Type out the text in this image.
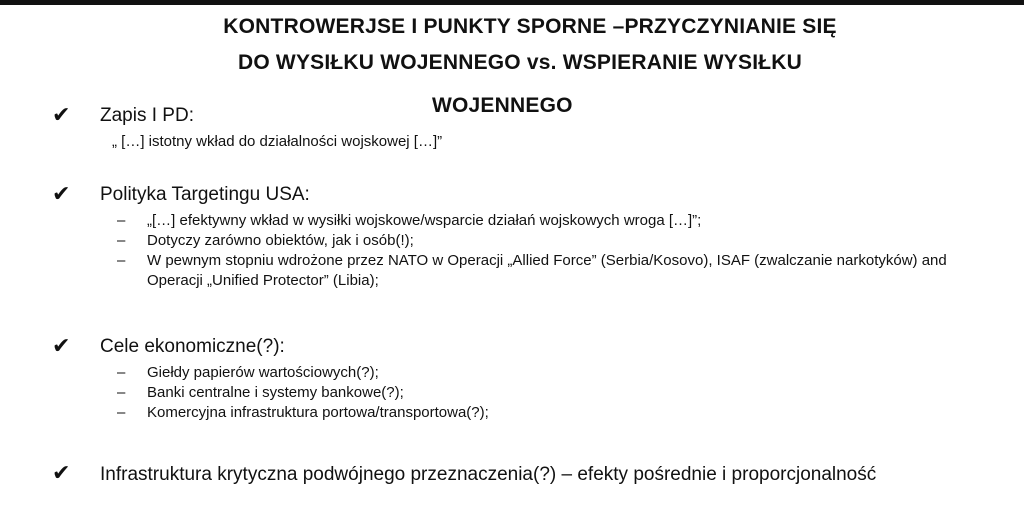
KONTROWERJSE I PUNKTY SPORNE –PRZYCZYNIANIE SIĘ
DO WYSIŁKU WOJENNEGO vs. WSPIERANIE WYSIŁKU
WOJENNEGO
✔ Zapis I PD:
„ […] istotny wkład do działalności wojskowej […]”
✔ Polityka Targetingu USA:
– „[…] efektywny wkład w wysiłki wojskowe/wsparcie działań wojskowych wroga […]”;
– Dotyczy zarówno obiektów, jak i osób(!);
– W pewnym stopniu wdrożone przez NATO w Operacji „Allied Force” (Serbia/Kosovo), ISAF (zwalczanie narkotyków) and Operacji „Unified Protector” (Libia);
✔ Cele ekonomiczne(?):
– Giełdy papierów wartościowych(?);
– Banki centralne i systemy bankowe(?);
– Komercyjna infrastruktura portowa/transportowa(?);
✔ Infrastruktura krytyczna podwójnego przeznaczenia(?) – efekty pośrednie i proporcjonalność
